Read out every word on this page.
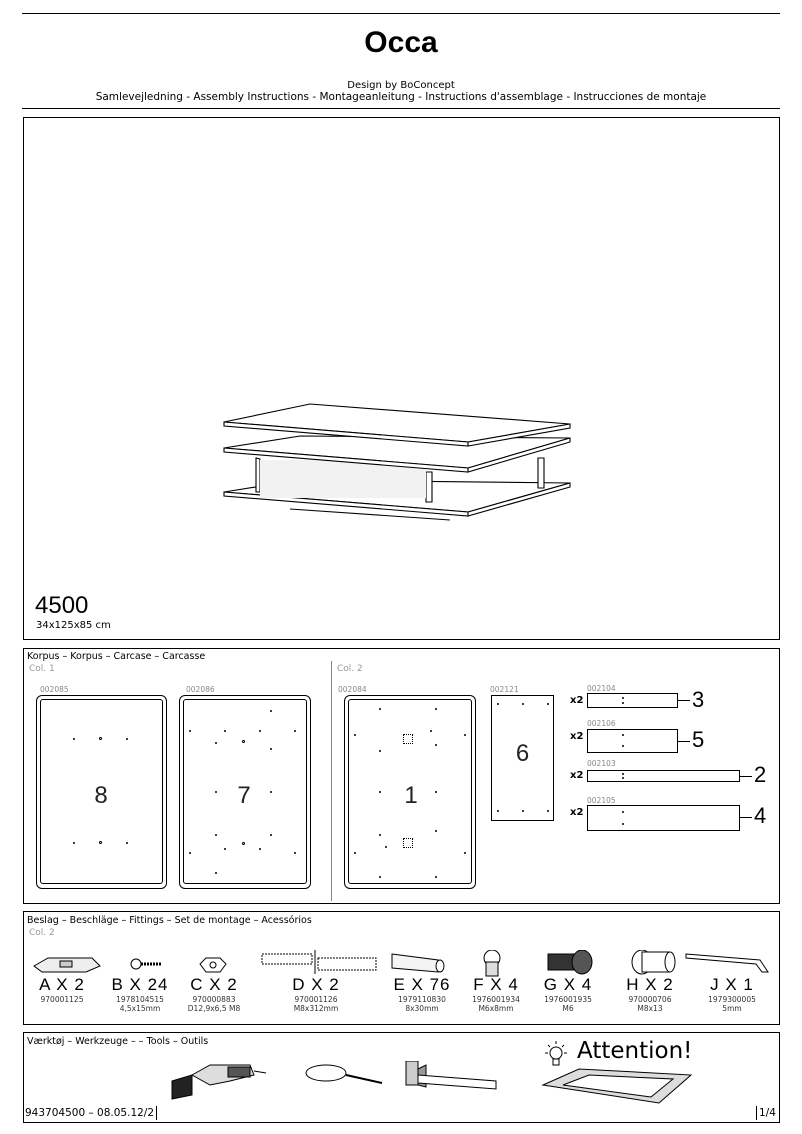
Occa
Design by BoConcept
Samlevejledning - Assembly Instructions - Montageanleitung - Instructions d'assemblage - Instrucciones de montaje
4500
34x125x85 cm
Korpus – Korpus – Carcase – Carcasse
Col. 1	Col. 2
002085
8
002086
7
002084
1
002121
6
x2
002104	3
x2
002106
5
x2
002103	2
x2
002105
4
Beslag – Beschläge – Fittings – Set de montage – Acessórios
Col. 2
A X 2
970001125
B X 24
1978104515
4,5x15mm
C X 2
970000883
D12,9x6,5 M8
D X 2
970001126
M8x312mm
E X 76
1979110830
8x30mm
F X 4
1976001934
M6x8mm
G X 4
1976001935
M6
H X 2
970000706
M8x13
J X 1
1979300005
5mm
Værktøj – Werkzeuge – – Tools – Outils	Attention!
943704500 – 08.05.12/2	1/4
